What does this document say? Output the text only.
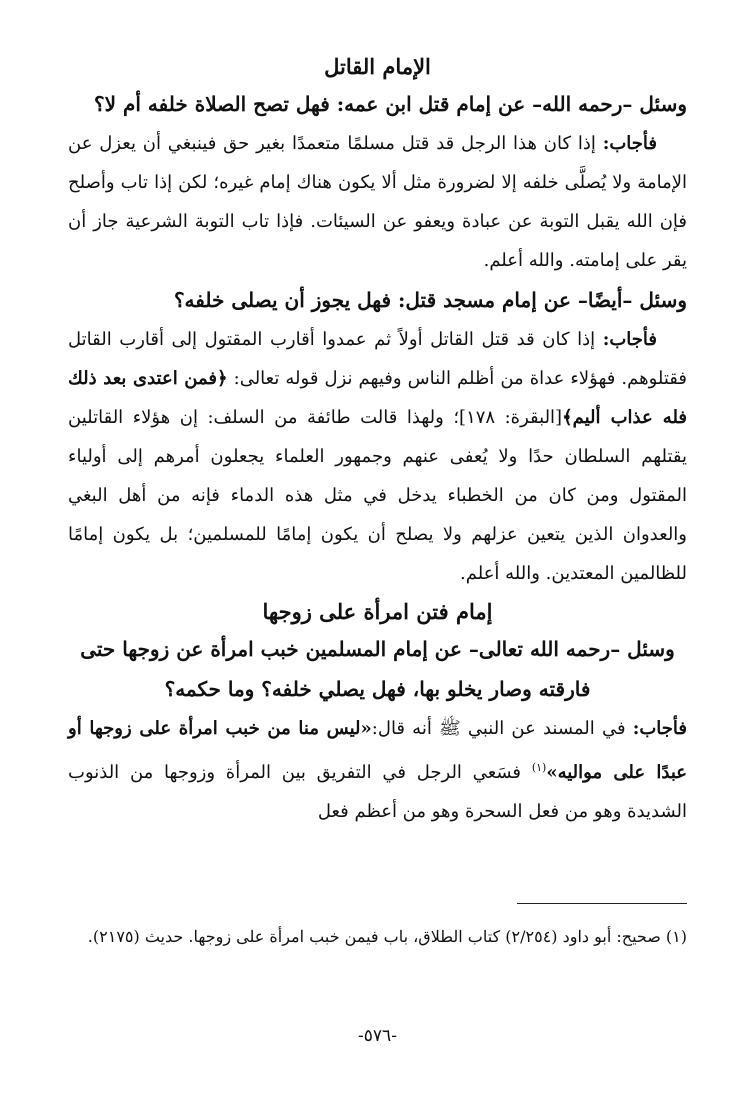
الإمام القاتل

وسئل –رحمه الله– عن إمام قتل ابن عمه: فهل تصح الصلاة خلفه أم لا؟

فأجاب: إذا كان هذا الرجل قد قتل مسلمًا متعمدًا بغير حق فينبغي أن يعزل عن الإمامة ولا يُصلَّى خلفه إلا لضرورة مثل ألا يكون هناك إمام غيره؛ لكن إذا تاب وأصلح فإن الله يقبل التوبة عن عبادة ويعفو عن السيئات. فإذا تاب التوبة الشرعية جاز أن يقر على إمامته. والله أعلم.

وسئل –أيضًا– عن إمام مسجد قتل: فهل يجوز أن يصلى خلفه؟

فأجاب: إذا كان قد قتل القاتل أولاً ثم عمدوا أقارب المقتول إلى أقارب القاتل فقتلوهم. فهؤلاء عداة من أظلم الناس وفيهم نزل قوله تعالى: ﴿فمن اعتدى بعد ذلك فله عذاب أليم﴾[البقرة: ١٧٨]؛ ولهذا قالت طائفة من السلف: إن هؤلاء القاتلين يقتلهم السلطان حدًا ولا يُعفى عنهم وجمهور العلماء يجعلون أمرهم إلى أولياء المقتول ومن كان من الخطباء يدخل في مثل هذه الدماء فإنه من أهل البغي والعدوان الذين يتعين عزلهم ولا يصلح أن يكون إمامًا للمسلمين؛ بل يكون إمامًا للظالمين المعتدين. والله أعلم.

إمام فتن امرأة على زوجها

وسئل –رحمه الله تعالى– عن إمام المسلمين خبب امرأة عن زوجها حتى فارقته وصار يخلو بها، فهل يصلي خلفه؟ وما حكمه؟

فأجاب: في المسند عن النبي ﷺ أنه قال:«ليس منا من خبب امرأة على زوجها أو عبدًا على مواليه»$^{(١)}$ فسَعي الرجل في التفريق بين المرأة وزوجها من الذنوب الشديدة وهو من فعل السحرة وهو من أعظم فعل

(١) صحيح: أبو داود (٢/٢٥٤) كتاب الطلاق، باب فيمن خبب امرأة على زوجها. حديث (٢١٧٥).
-٥٧٦-
